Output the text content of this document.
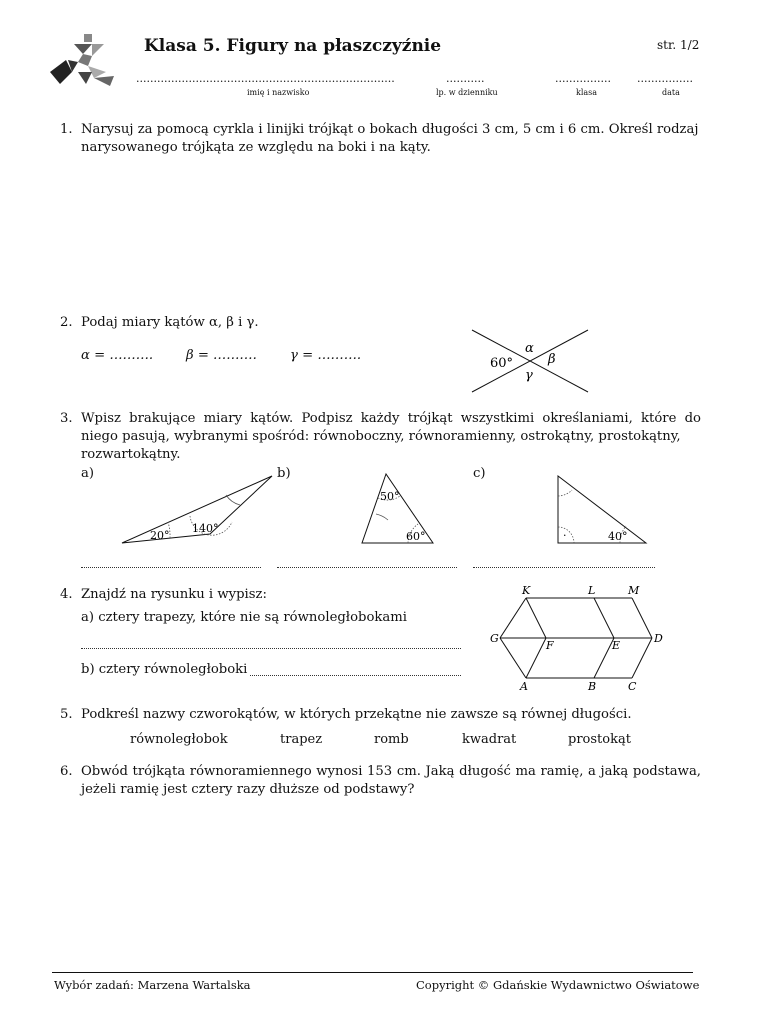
Klasa 5. Figury na płaszczyźnie	str. 1/2
..........................................................................	...........	................ ................
imię i nazwisko	lp. w dzienniku	klasa	data
1. Narysuj za pomocą cyrkla i linijki trójkąt o bokach długości 3 cm, 5 cm i 6 cm. Określ rodzaj
narysowanego trójkąta ze względu na boki i na kąty.
2. Podaj miary kątów α, β i γ.
α = ………. β = ……….	γ = ……….
60°
α
β
γ
3. Wpisz brakujące miary kątów. Podpisz każdy trójkąt wszystkimi określaniami, które do
niego pasują, wybranymi spośród: równoboczny, równoramienny, ostrokątny, prostokątny,
rozwartokątny.
a)	b)	c)
20°
140°
50°
60°	·	40°
4. Znajdź na rysunku i wypisz:
a) cztery trapezy, które nie są równoległobokami
b) cztery równoległoboki
K	L	M
G
F	E
D
A	B	C
5. Podkreśl nazwy czworokątów, w których przekątne nie zawsze są równej długości.
równoległobok	trapez	romb	kwadrat	prostokąt
6. Obwód trójkąta równoramiennego wynosi 153 cm. Jaką długość ma ramię, a jaką podstawa,
jeżeli ramię jest cztery razy dłuższe od podstawy?
Wybór zadań: Marzena Wartalska	Copyright © Gdańskie Wydawnictwo Oświatowe
